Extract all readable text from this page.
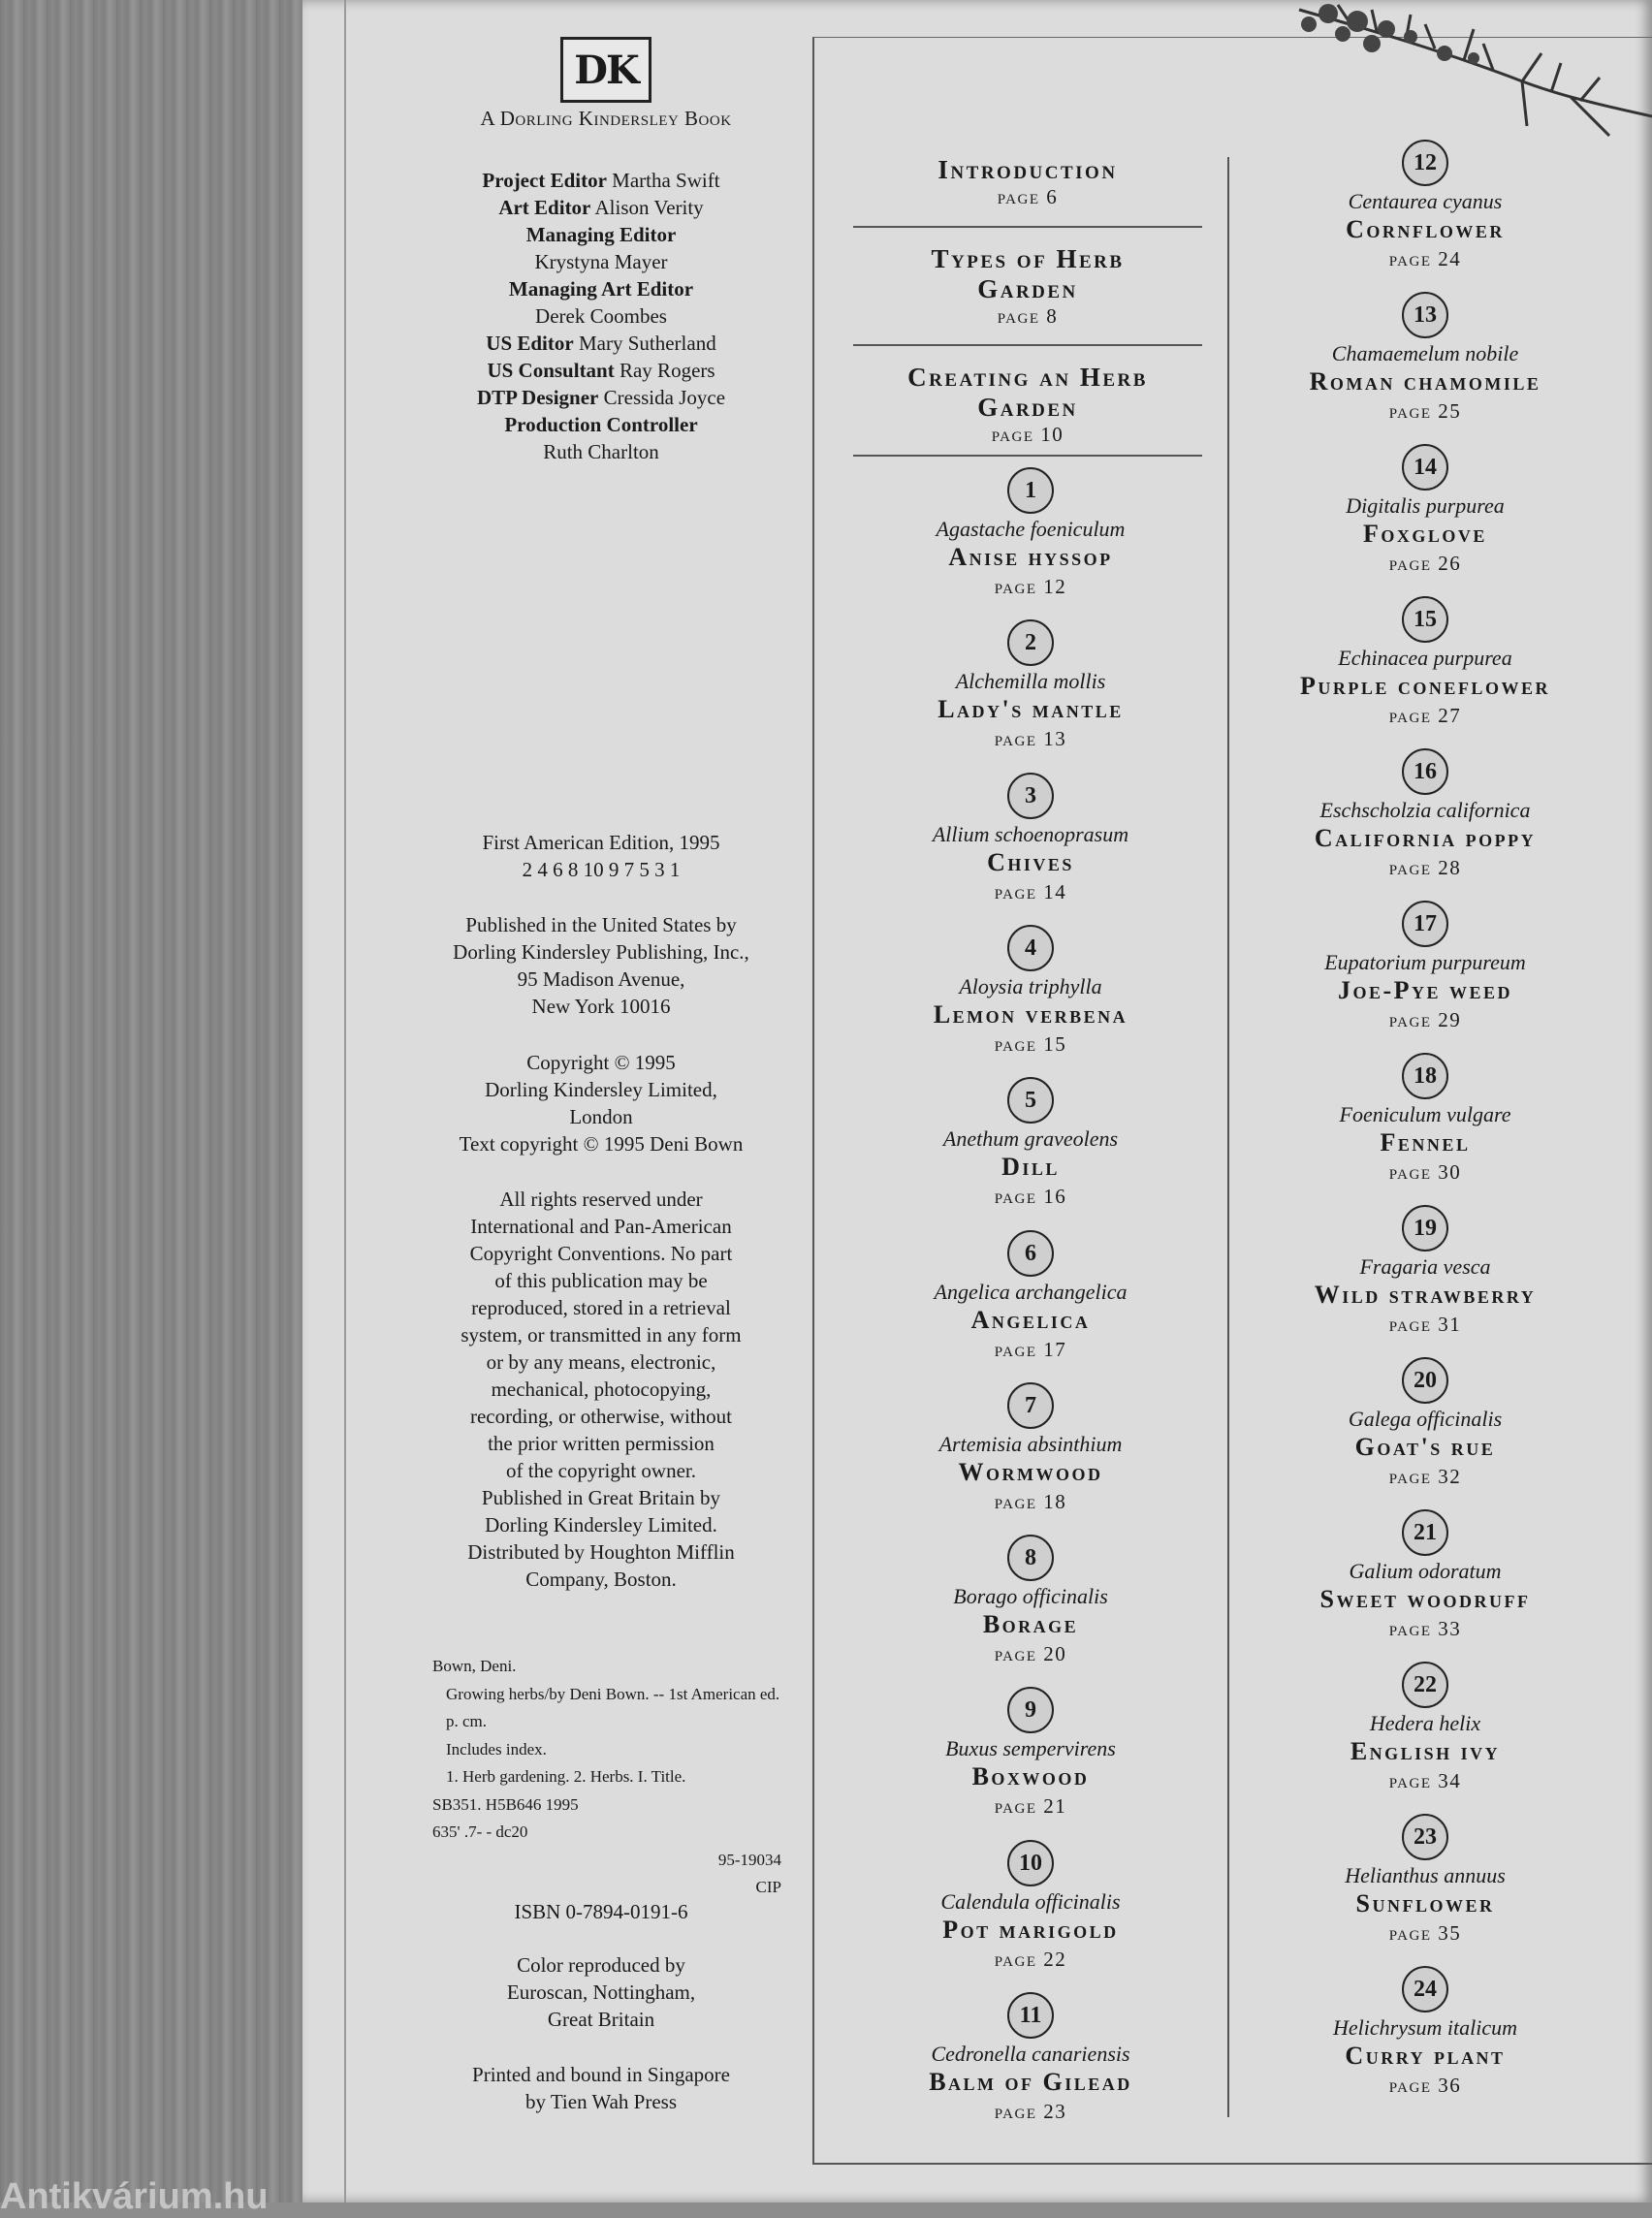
DK
A Dorling Kindersley Book
Project Editor Martha Swift
Art Editor Alison Verity
Managing Editor
Krystyna Mayer
Managing Art Editor
Derek Coombes
US Editor Mary Sutherland
US Consultant Ray Rogers
DTP Designer Cressida Joyce
Production Controller
Ruth Charlton
First American Edition, 1995
2 4 6 8 10 9 7 5 3 1
Published in the United States by
Dorling Kindersley Publishing, Inc.,
95 Madison Avenue,
New York 10016
Copyright © 1995
Dorling Kindersley Limited,
London
Text copyright © 1995 Deni Bown
All rights reserved under
International and Pan-American
Copyright Conventions. No part
of this publication may be
reproduced, stored in a retrieval
system, or transmitted in any form
or by any means, electronic,
mechanical, photocopying,
recording, or otherwise, without
the prior written permission
of the copyright owner.
Published in Great Britain by
Dorling Kindersley Limited.
Distributed by Houghton Mifflin
Company, Boston.
Bown, Deni.
Growing herbs/by Deni Bown. -- 1st American ed.
p. cm.
Includes index.
1. Herb gardening. 2. Herbs. I. Title.
SB351. H5B646 1995
635' .7- - dc20
95-19034
CIP
ISBN 0-7894-0191-6
Color reproduced by
Euroscan, Nottingham,
Great Britain
Printed and bound in Singapore
by Tien Wah Press
Introduction
page 6
Types of Herb
Garden
page 8
Creating an Herb
Garden
page 10
1
Agastache foeniculum
Anise hyssop
page 12
2
Alchemilla mollis
Lady's mantle
page 13
3
Allium schoenoprasum
Chives
page 14
4
Aloysia triphylla
Lemon verbena
page 15
5
Anethum graveolens
Dill
page 16
6
Angelica archangelica
Angelica
page 17
7
Artemisia absinthium
Wormwood
page 18
8
Borago officinalis
Borage
page 20
9
Buxus sempervirens
Boxwood
page 21
10
Calendula officinalis
Pot marigold
page 22
11
Cedronella canariensis
Balm of Gilead
page 23
12
Centaurea cyanus
Cornflower
page 24
13
Chamaemelum nobile
Roman chamomile
page 25
14
Digitalis purpurea
Foxglove
page 26
15
Echinacea purpurea
Purple coneflower
page 27
16
Eschscholzia californica
California poppy
page 28
17
Eupatorium purpureum
Joe-Pye weed
page 29
18
Foeniculum vulgare
Fennel
page 30
19
Fragaria vesca
Wild strawberry
page 31
20
Galega officinalis
Goat's rue
page 32
21
Galium odoratum
Sweet woodruff
page 33
22
Hedera helix
English ivy
page 34
23
Helianthus annuus
Sunflower
page 35
24
Helichrysum italicum
Curry plant
page 36
Antikvárium.hu
